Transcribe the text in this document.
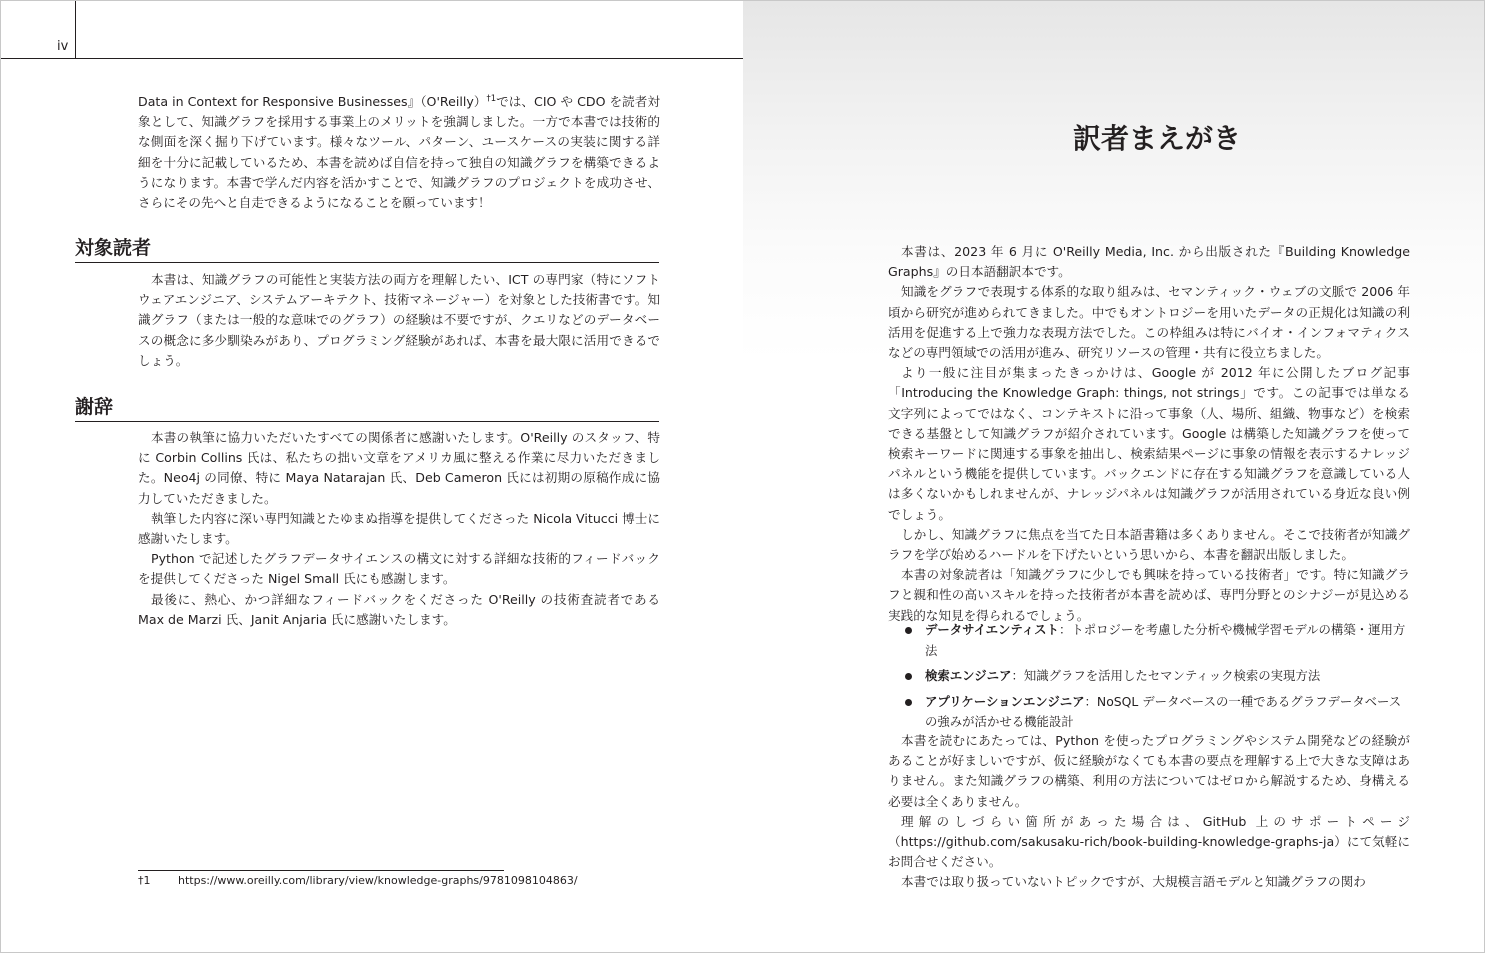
iv

Data in Context for Responsive Businesses』（O'Reilly）$^{\dagger 1}$では、CIO や CDO を読者対象として、知識グラフを採用する事業上のメリットを強調しました。一方で本書では技術的な側面を深く掘り下げています。様々なツール、パターン、ユースケースの実装に関する詳細を十分に記載しているため、本書を読めば自信を持って独自の知識グラフを構築できるようになります。本書で学んだ内容を活かすことで、知識グラフのプロジェクトを成功させ、さらにその先へと自走できるようになることを願っています！

対象読者

本書は、知識グラフの可能性と実装方法の両方を理解したい、ICT の専門家（特にソフトウェアエンジニア、システムアーキテクト、技術マネージャー）を対象とした技術書です。知識グラフ（または一般的な意味でのグラフ）の経験は不要ですが、クエリなどのデータベースの概念に多少馴染みがあり、プログラミング経験があれば、本書を最大限に活用できるでしょう。

謝辞

本書の執筆に協力いただいたすべての関係者に感謝いたします。O'Reilly のスタッフ、特に Corbin Collins 氏は、私たちの拙い文章をアメリカ風に整える作業に尽力いただきました。Neo4j の同僚、特に Maya Natarajan 氏、Deb Cameron 氏には初期の原稿作成に協力していただきました。

執筆した内容に深い専門知識とたゆまぬ指導を提供してくださった Nicola Vitucci 博士に感謝いたします。

Python で記述したグラフデータサイエンスの構文に対する詳細な技術的フィードバックを提供してくださった Nigel Small 氏にも感謝します。

最後に、熱心、かつ詳細なフィードバックをくださった O'Reilly の技術査読者である Max de Marzi 氏、Janit Anjaria 氏に感謝いたします。

†1	https://www.oreilly.com/library/view/knowledge-graphs/9781098104863/
訳者まえがき

本書は、2023 年 6 月に O'Reilly Media, Inc. から出版された『Building Knowledge Graphs』の日本語翻訳本です。

知識をグラフで表現する体系的な取り組みは、セマンティック・ウェブの文脈で 2006 年頃から研究が進められてきました。中でもオントロジーを用いたデータの正規化は知識の利活用を促進する上で強力な表現方法でした。この枠組みは特にバイオ・インフォマティクスなどの専門領域での活用が進み、研究リソースの管理・共有に役立ちました。

より一般に注目が集まったきっかけは、Google が 2012 年に公開したブログ記事「Introducing the Knowledge Graph: things, not strings」です。この記事では単なる文字列によってではなく、コンテキストに沿って事象（人、場所、組織、物事など）を検索できる基盤として知識グラフが紹介されています。Google は構築した知識グラフを使って検索キーワードに関連する事象を抽出し、検索結果ページに事象の情報を表示するナレッジパネルという機能を提供しています。バックエンドに存在する知識グラフを意識している人は多くないかもしれませんが、ナレッジパネルは知識グラフが活用されている身近な良い例でしょう。

しかし、知識グラフに焦点を当てた日本語書籍は多くありません。そこで技術者が知識グラフを学び始めるハードルを下げたいという思いから、本書を翻訳出版しました。

本書の対象読者は「知識グラフに少しでも興味を持っている技術者」です。特に知識グラフと親和性の高いスキルを持った技術者が本書を読めば、専門分野とのシナジーが見込める実践的な知見を得られるでしょう。

データサイエンティスト：トポロジーを考慮した分析や機械学習モデルの構築・運用方法
検索エンジニア：知識グラフを活用したセマンティック検索の実現方法
アプリケーションエンジニア：NoSQL データベースの一種であるグラフデータベースの強みが活かせる機能設計

本書を読むにあたっては、Python を使ったプログラミングやシステム開発などの経験があることが好ましいですが、仮に経験がなくても本書の要点を理解する上で大きな支障はありません。また知識グラフの構築、利用の方法についてはゼロから解説するため、身構える必要は全くありません。

理解のしづらい箇所があった場合は、GitHub 上のサポートページ（https://github.com/sakusaku-rich/book-building-knowledge-graphs-ja）にて気軽にお問合せください。

本書では取り扱っていないトピックですが、大規模言語モデルと知識グラフの関わ
